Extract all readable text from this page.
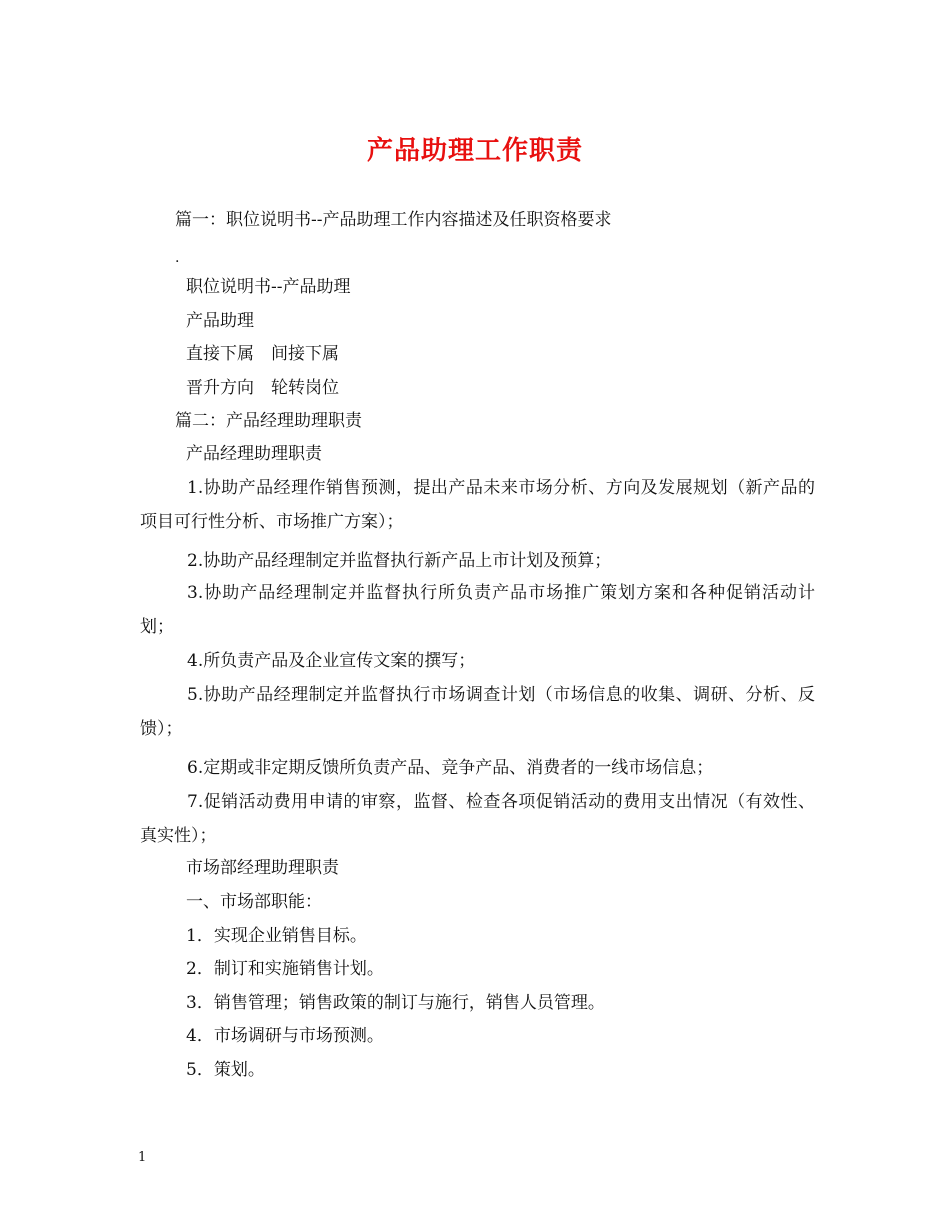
产品助理工作职责
篇一：职位说明书--产品助理工作内容描述及任职资格要求
.
职位说明书--产品助理
产品助理
直接下属　间接下属
晋升方向　轮转岗位
篇二：产品经理助理职责
产品经理助理职责
1.协助产品经理作销售预测，提出产品未来市场分析、方向及发展规划（新产品的项目可行性分析、市场推广方案）；
2.协助产品经理制定并监督执行新产品上市计划及预算；
3.协助产品经理制定并监督执行所负责产品市场推广策划方案和各种促销活动计划；
4.所负责产品及企业宣传文案的撰写；
5.协助产品经理制定并监督执行市场调查计划（市场信息的收集、调研、分析、反馈）；
6.定期或非定期反馈所负责产品、竞争产品、消费者的一线市场信息；
7.促销活动费用申请的审察，监督、检查各项促销活动的费用支出情况（有效性、真实性）；
市场部经理助理职责
一、市场部职能：
1．实现企业销售目标。
2．制订和实施销售计划。
3．销售管理；销售政策的制订与施行，销售人员管理。
4．市场调研与市场预测。
5．策划。
1
